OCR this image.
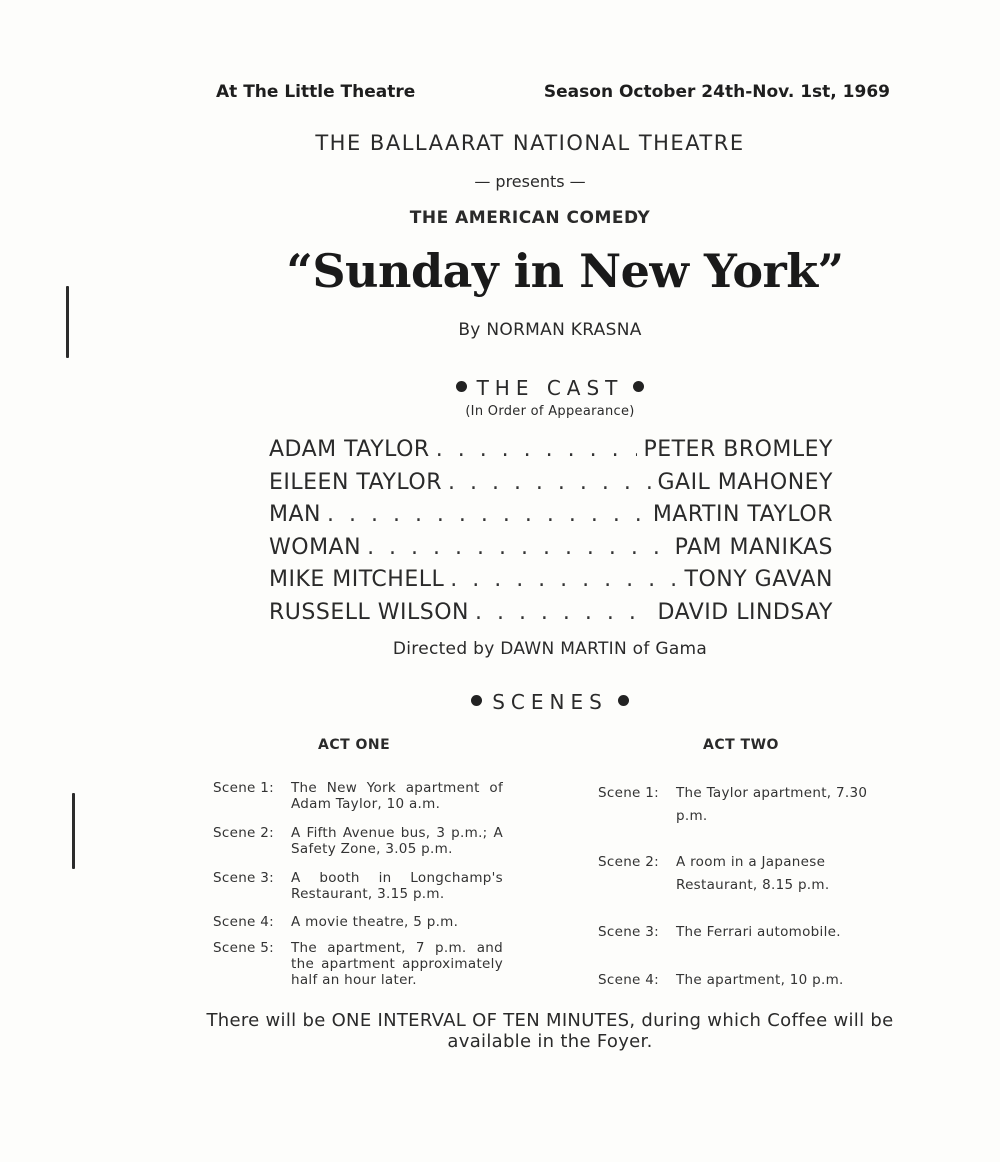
At The Little Theatre	Season October 24th-Nov. 1st, 1969
THE BALLAARAT NATIONAL THEATRE
— presents —
THE AMERICAN COMEDY
“Sunday in New York”
By NORMAN KRASNA
THE CAST
(In Order of Appearance)
ADAM TAYLOR . . .	PETER BROMLEY
EILEEN TAYLOR . . .	GAIL MAHONEY
MAN . . .	MARTIN TAYLOR
WOMAN . . .	PAM MANIKAS
MIKE MITCHELL . . .	TONY GAVAN
RUSSELL WILSON . . .	DAVID LINDSAY
Directed by DAWN MARTIN of Gama
SCENES
ACT ONE	ACT TWO
Scene 1:	The New York apartment of Adam Taylor, 10 a.m.
Scene 2:	A Fifth Avenue bus, 3 p.m.; A Safety Zone, 3.05 p.m.
Scene 3:	A booth in Longchamp's Restaurant, 3.15 p.m.
Scene 4:	A movie theatre, 5 p.m.
Scene 5:	The apartment, 7 p.m. and the apartment approximately half an hour later.
Scene 1:	The Taylor apartment, 7.30 p.m.
Scene 2:	A room in a Japanese Restaurant, 8.15 p.m.
Scene 3:	The Ferrari automobile.
Scene 4:	The apartment, 10 p.m.
There will be ONE INTERVAL OF TEN MINUTES, during which Coffee will be available in the Foyer.
